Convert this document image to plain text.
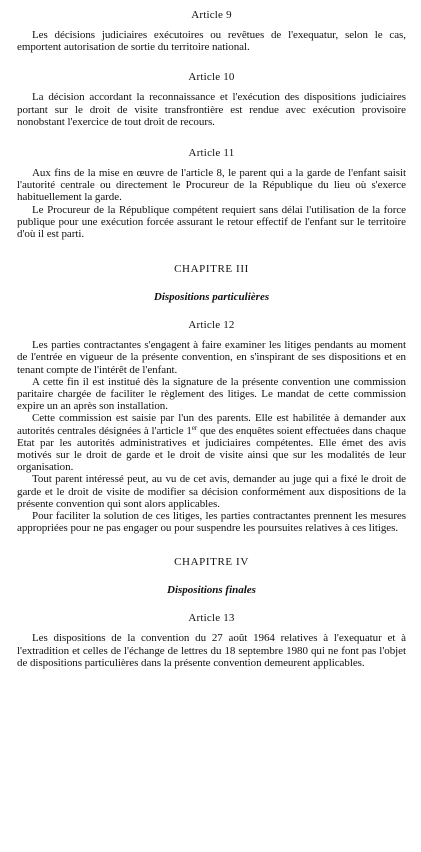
Article 9

Les décisions judiciaires exécutoires ou revêtues de l'exequatur, selon le cas, emportent autorisation de sortie du territoire national.

Article 10

La décision accordant la reconnaissance et l'exécution des dispositions judiciaires portant sur le droit de visite transfrontière est rendue avec exécution provisoire nonobstant l'exercice de tout droit de recours.

Article 11

Aux fins de la mise en œuvre de l'article 8, le parent qui a la garde de l'enfant saisit l'autorité centrale ou directement le Procureur de la République du lieu où s'exerce habituellement la garde.

Le Procureur de la République compétent requiert sans délai l'utilisation de la force publique pour une exécution forcée assurant le retour effectif de l'enfant sur le territoire d'où il est parti.

CHAPITRE III
Dispositions particulières
Article 12

Les parties contractantes s'engagent à faire examiner les litiges pendants au moment de l'entrée en vigueur de la présente convention, en s'inspirant de ses dispositions et en tenant compte de l'intérêt de l'enfant.

A cette fin il est institué dès la signature de la présente convention une commission paritaire chargée de faciliter le règlement des litiges. Le mandat de cette commission expire un an après son installation.

Cette commission est saisie par l'un des parents. Elle est habilitée à demander aux autorités centrales désignées à l'article 1er que des enquêtes soient effectuées dans chaque Etat par les autorités administratives et judiciaires compétentes. Elle émet des avis motivés sur le droit de garde et le droit de visite ainsi que sur les modalités de leur organisation.

Tout parent intéressé peut, au vu de cet avis, demander au juge qui a fixé le droit de garde et le droit de visite de modifier sa décision conformément aux dispositions de la présente convention qui sont alors applicables.

Pour faciliter la solution de ces litiges, les parties contractantes prennent les mesures appropriées pour ne pas engager ou pour suspendre les poursuites relatives à ces litiges.

CHAPITRE IV
Dispositions finales
Article 13

Les dispositions de la convention du 27 août 1964 relatives à l'exequatur et à l'extradition et celles de l'échange de lettres du 18 septembre 1980 qui ne font pas l'objet de dispositions particulières dans la présente convention demeurent applicables.
